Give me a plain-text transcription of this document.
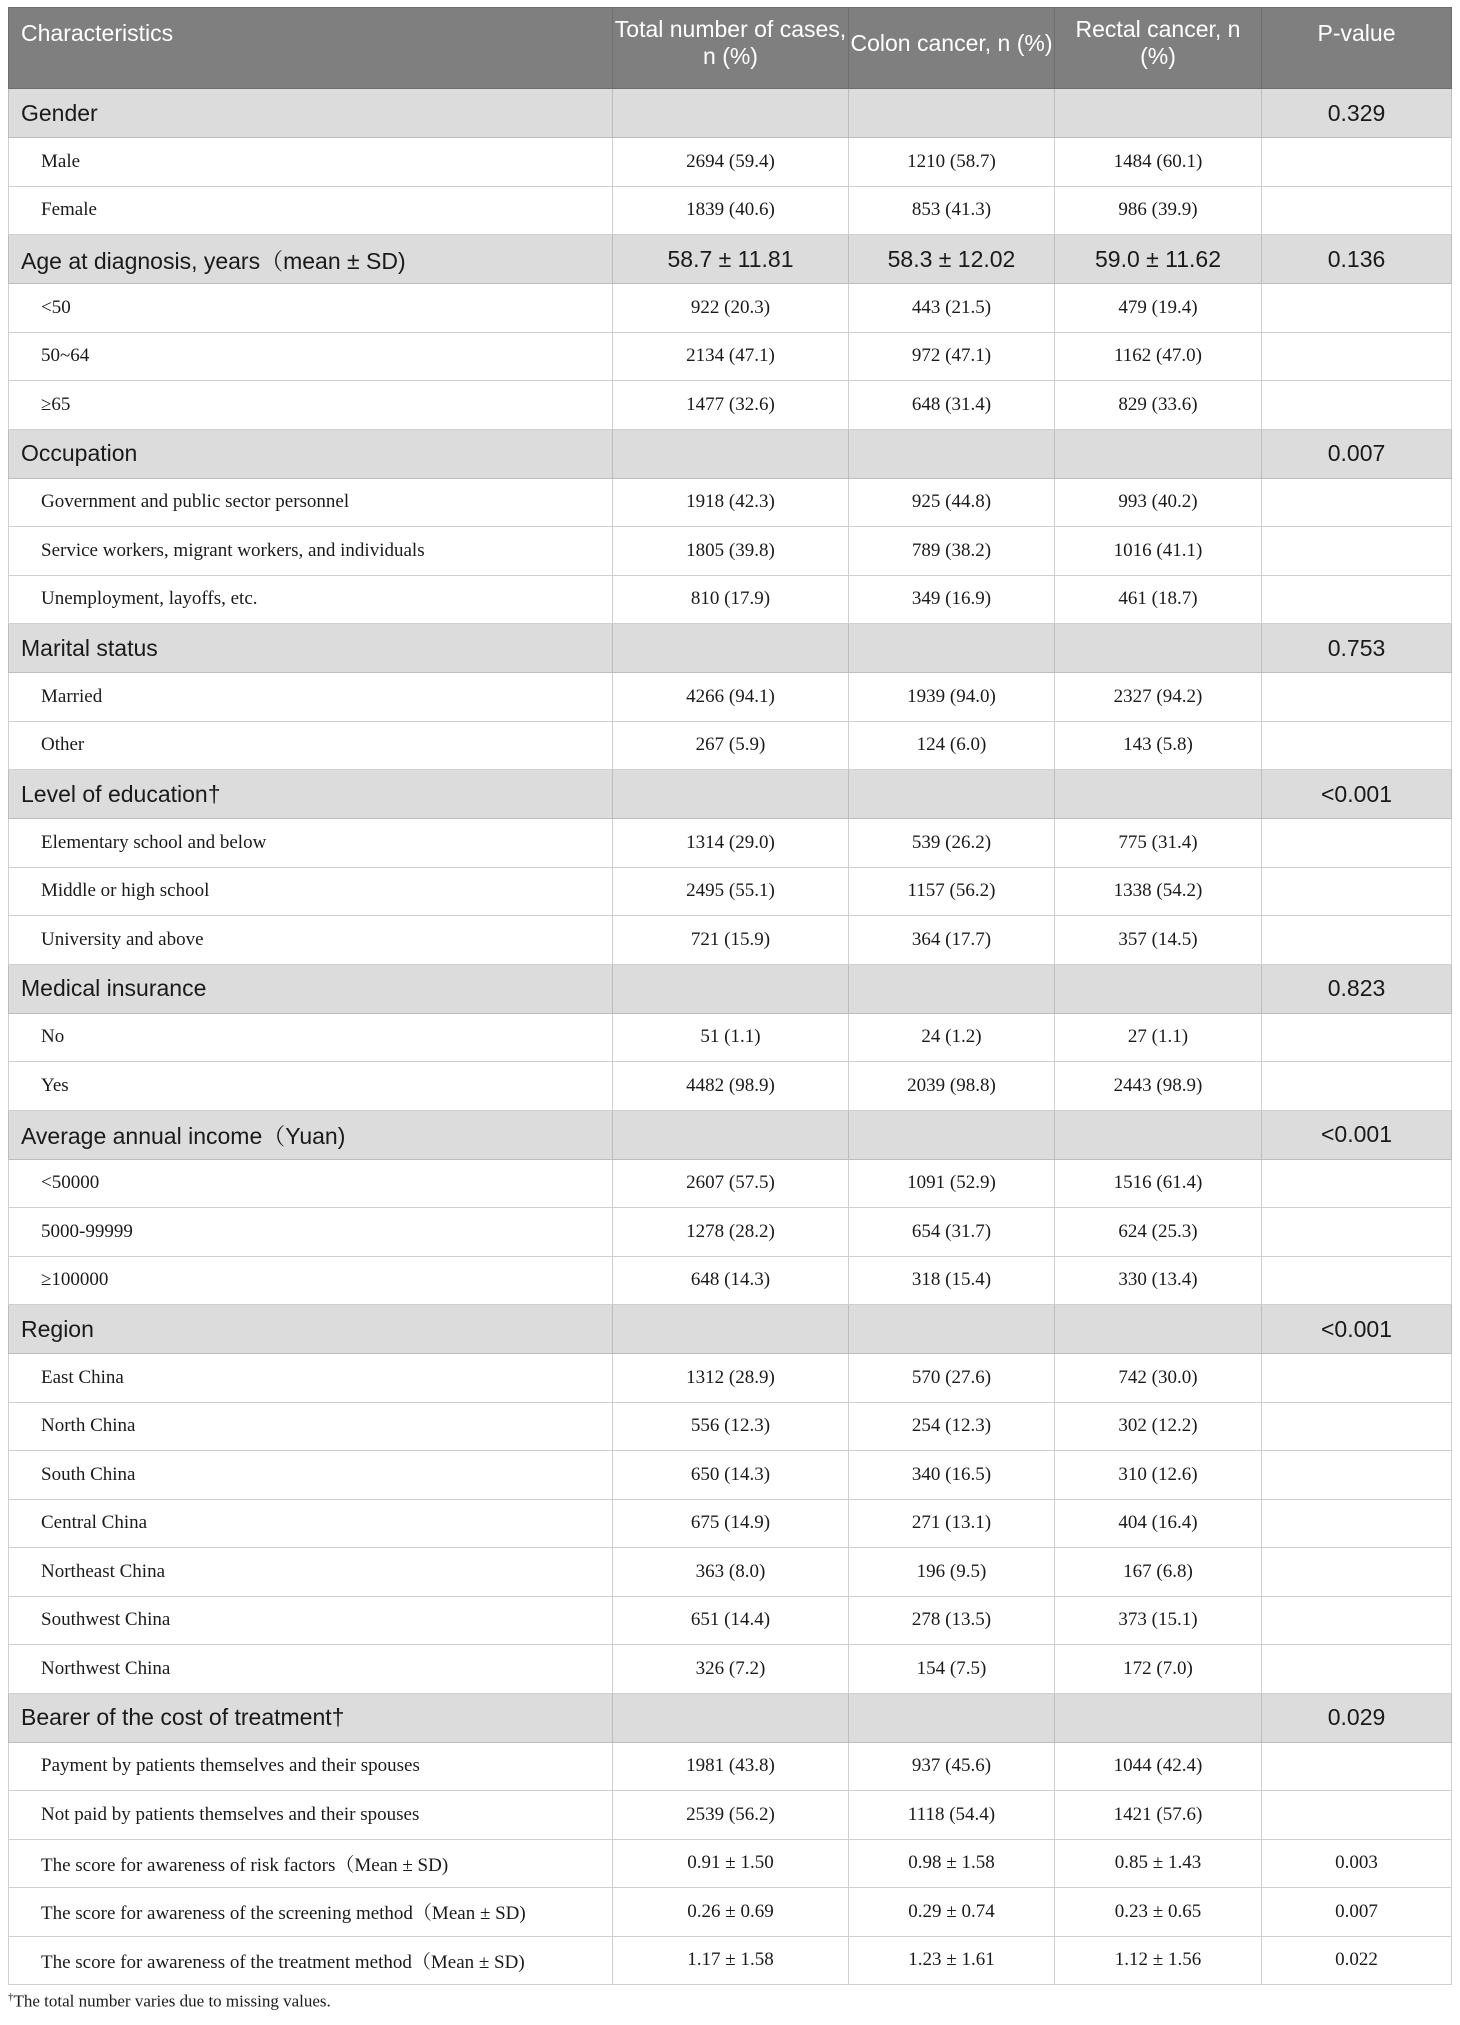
Characteristics	Total number of cases, n (%)	Colon cancer, n (%)	Rectal cancer, n (%)	P-value
Gender				0.329
Male	2694 (59.4)	1210 (58.7)	1484 (60.1)	
Female	1839 (40.6)	853 (41.3)	986 (39.9)	
Age at diagnosis, years（mean ± SD)	58.7 ± 11.81	58.3 ± 12.02	59.0 ± 11.62	0.136
<50	922 (20.3)	443 (21.5)	479 (19.4)	
50~64	2134 (47.1)	972 (47.1)	1162 (47.0)	
≥65	1477 (32.6)	648 (31.4)	829 (33.6)	
Occupation				0.007
Government and public sector personnel	1918 (42.3)	925 (44.8)	993 (40.2)	
Service workers, migrant workers, and individuals	1805 (39.8)	789 (38.2)	1016 (41.1)	
Unemployment, layoffs, etc.	810 (17.9)	349 (16.9)	461 (18.7)	
Marital status				0.753
Married	4266 (94.1)	1939 (94.0)	2327 (94.2)	
Other	267 (5.9)	124 (6.0)	143 (5.8)	
Level of education†				<0.001
Elementary school and below	1314 (29.0)	539 (26.2)	775 (31.4)	
Middle or high school	2495 (55.1)	1157 (56.2)	1338 (54.2)	
University and above	721 (15.9)	364 (17.7)	357 (14.5)	
Medical insurance				0.823
No	51 (1.1)	24 (1.2)	27 (1.1)	
Yes	4482 (98.9)	2039 (98.8)	2443 (98.9)	
Average annual income（Yuan)				<0.001
<50000	2607 (57.5)	1091 (52.9)	1516 (61.4)	
5000-99999	1278 (28.2)	654 (31.7)	624 (25.3)	
≥100000	648 (14.3)	318 (15.4)	330 (13.4)	
Region				<0.001
East China	1312 (28.9)	570 (27.6)	742 (30.0)	
North China	556 (12.3)	254 (12.3)	302 (12.2)	
South China	650 (14.3)	340 (16.5)	310 (12.6)	
Central China	675 (14.9)	271 (13.1)	404 (16.4)	
Northeast China	363 (8.0)	196 (9.5)	167 (6.8)	
Southwest China	651 (14.4)	278 (13.5)	373 (15.1)	
Northwest China	326 (7.2)	154 (7.5)	172 (7.0)	
Bearer of the cost of treatment†				0.029
Payment by patients themselves and their spouses	1981 (43.8)	937 (45.6)	1044 (42.4)	
Not paid by patients themselves and their spouses	2539 (56.2)	1118 (54.4)	1421 (57.6)	
The score for awareness of risk factors（Mean ± SD)	0.91 ± 1.50	0.98 ± 1.58	0.85 ± 1.43	0.003
The score for awareness of the screening method（Mean ± SD)	0.26 ± 0.69	0.29 ± 0.74	0.23 ± 0.65	0.007
The score for awareness of the treatment method（Mean ± SD)	1.17 ± 1.58	1.23 ± 1.61	1.12 ± 1.56	0.022
†The total number varies due to missing values.
